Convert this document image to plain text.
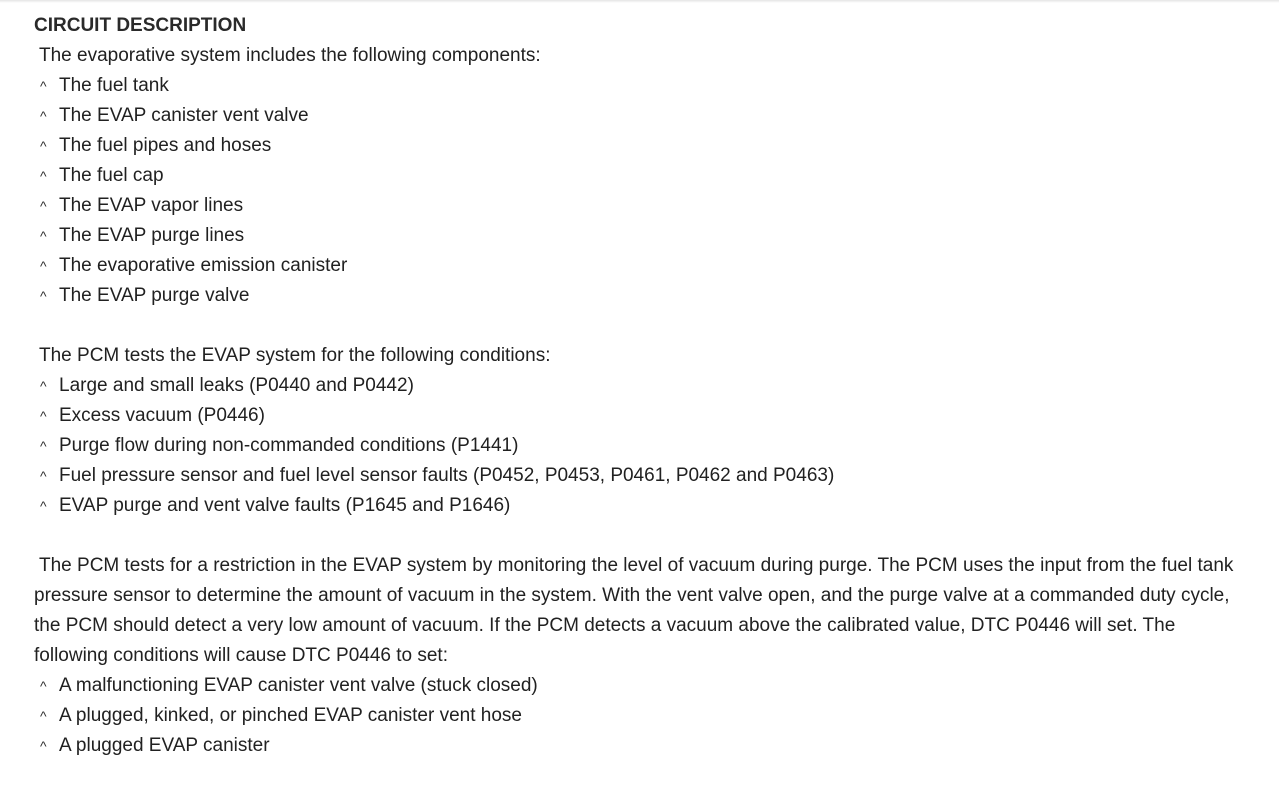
CIRCUIT DESCRIPTION
The evaporative system includes the following components:
^ The fuel tank
^ The EVAP canister vent valve
^ The fuel pipes and hoses
^ The fuel cap
^ The EVAP vapor lines
^ The EVAP purge lines
^ The evaporative emission canister
^ The EVAP purge valve
The PCM tests the EVAP system for the following conditions:
^ Large and small leaks (P0440 and P0442)
^ Excess vacuum (P0446)
^ Purge flow during non-commanded conditions (P1441)
^ Fuel pressure sensor and fuel level sensor faults (P0452, P0453, P0461, P0462 and P0463)
^ EVAP purge and vent valve faults (P1645 and P1646)
The PCM tests for a restriction in the EVAP system by monitoring the level of vacuum during purge. The PCM uses the input from the fuel tank pressure sensor to determine the amount of vacuum in the system. With the vent valve open, and the purge valve at a commanded duty cycle, the PCM should detect a very low amount of vacuum. If the PCM detects a vacuum above the calibrated value, DTC P0446 will set. The following conditions will cause DTC P0446 to set:
^ A malfunctioning EVAP canister vent valve (stuck closed)
^ A plugged, kinked, or pinched EVAP canister vent hose
^ A plugged EVAP canister
